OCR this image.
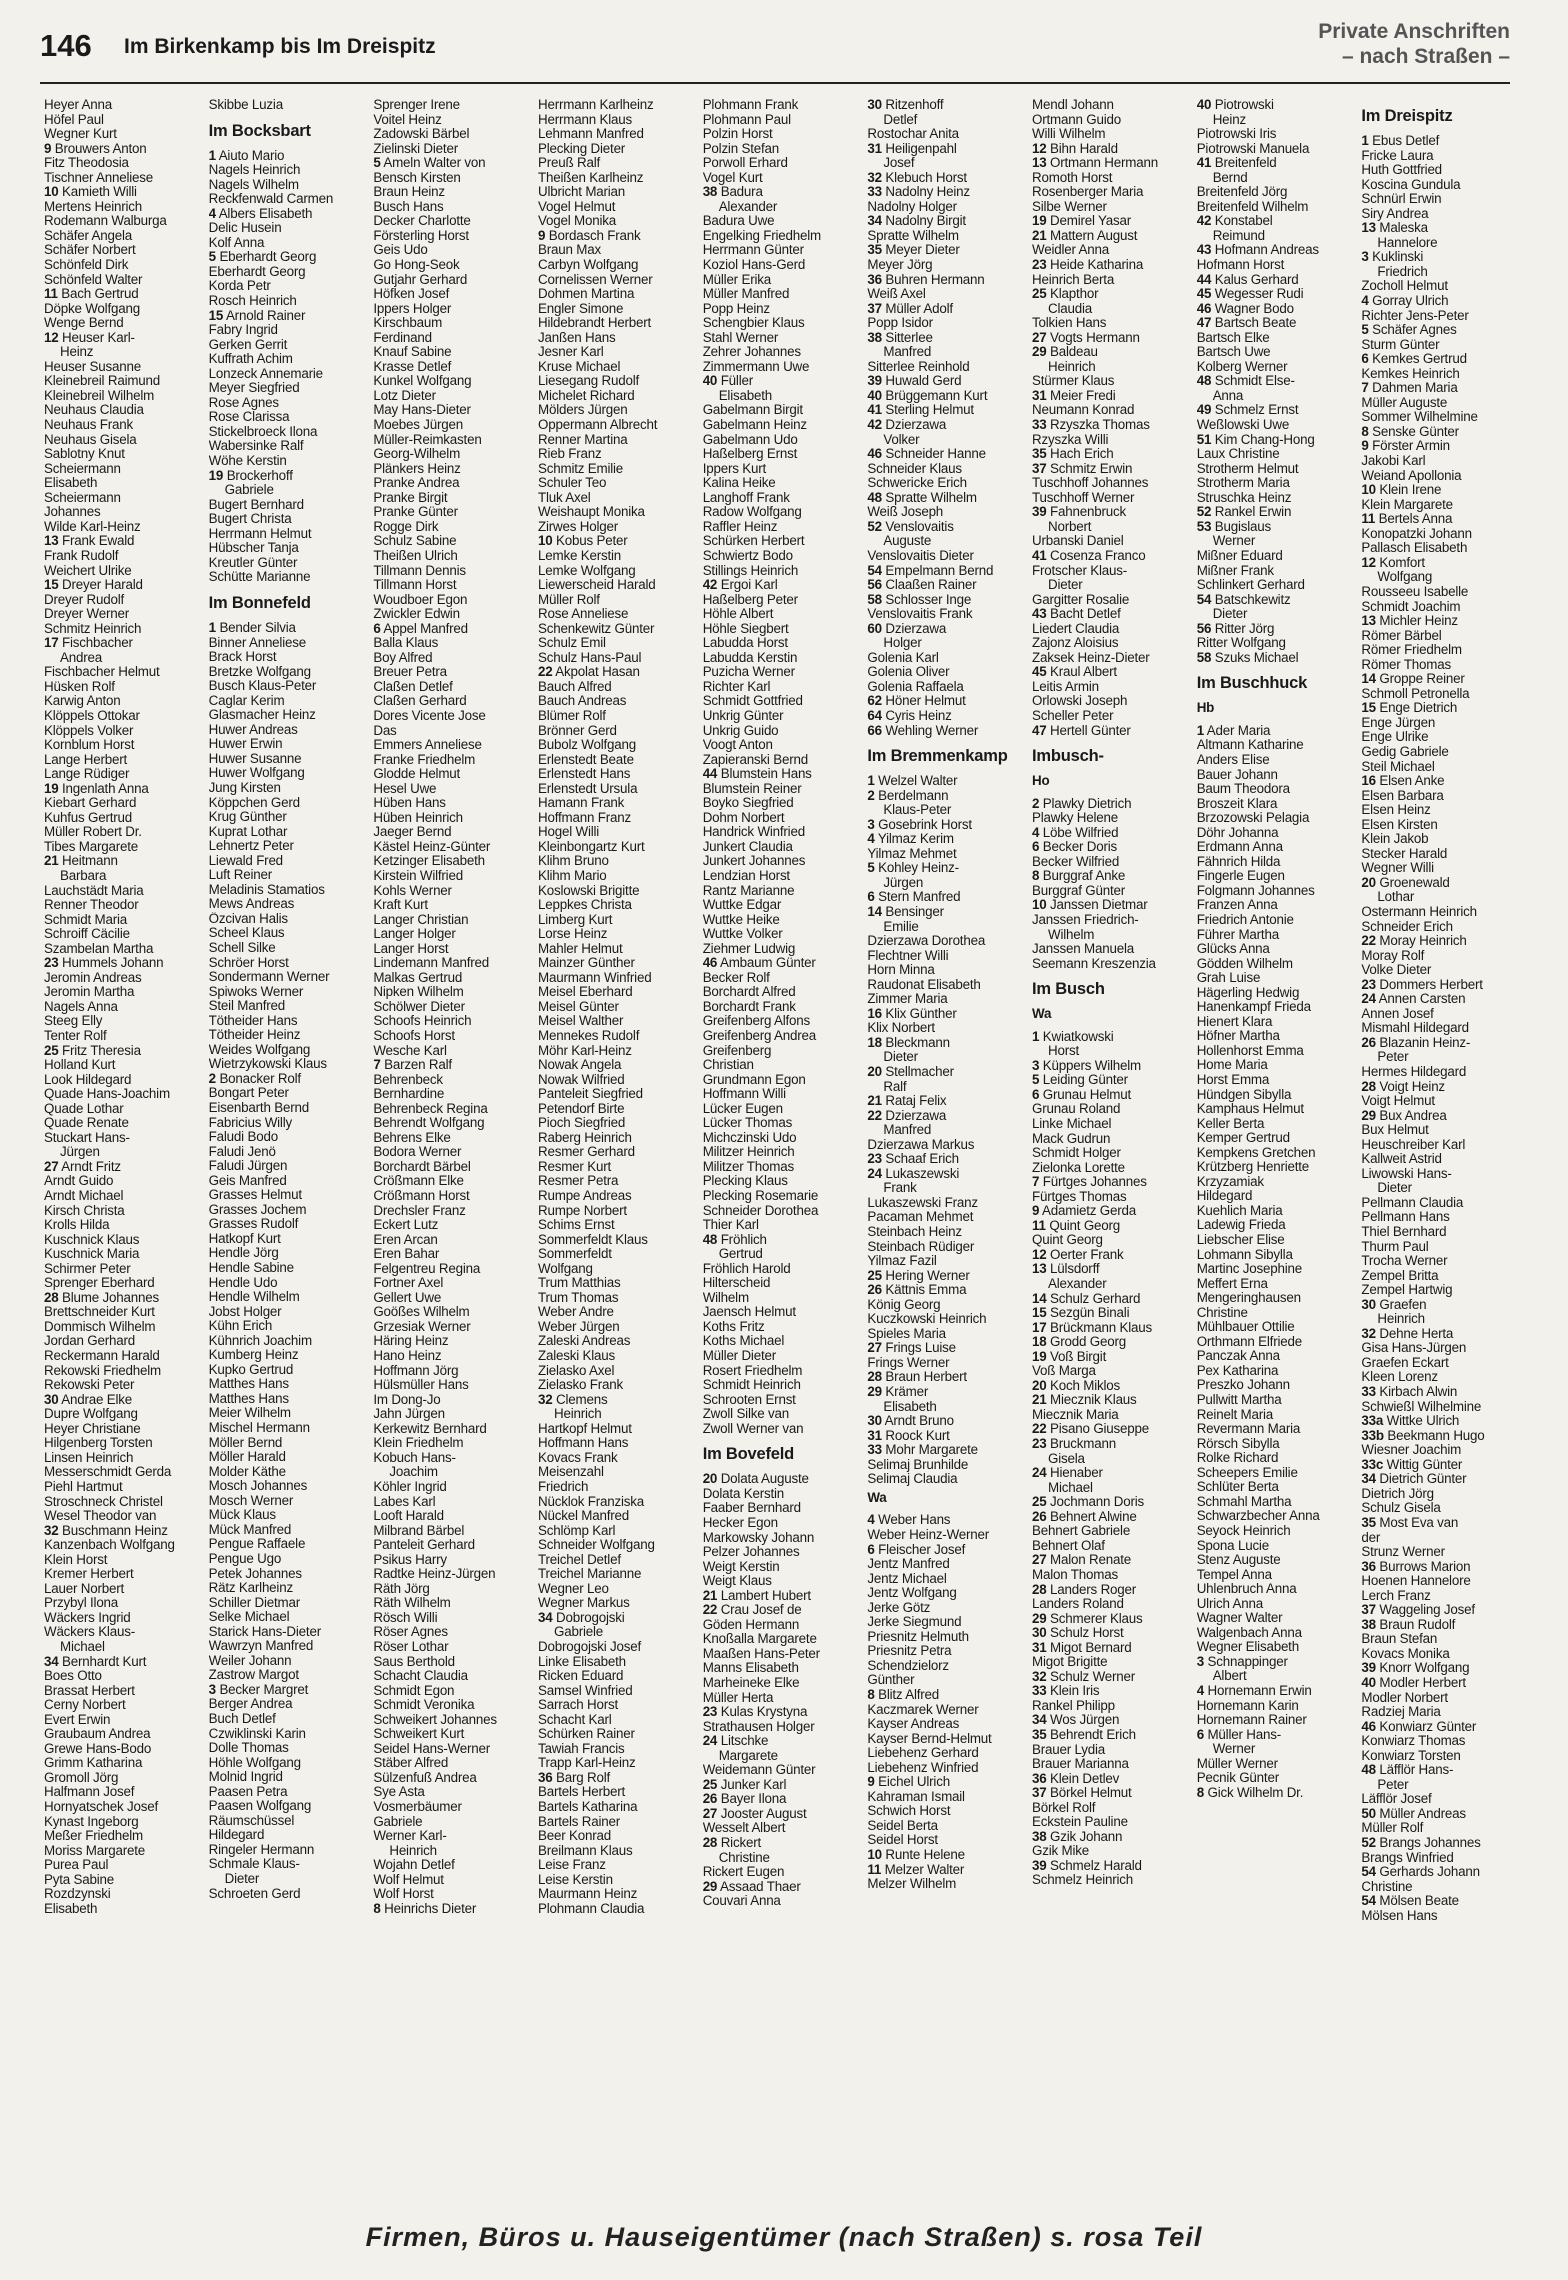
146 Im Birkenkamp bis Im Dreispitz
Private Anschriften
– nach Straßen –
Heyer Anna
Höfel Paul
Wegner Kurt
9 Brouwers Anton
Fitz Theodosia
Tischner Anneliese
10 Kamieth Willi
Mertens Heinrich
Rodemann Walburga
Schäfer Angela
Schäfer Norbert
Schönfeld Dirk
Schönfeld Walter
11 Bach Gertrud
Döpke Wolfgang
Wenge Bernd
12 Heuser Karl-
Heinz
Heuser Susanne
Kleinebreil Raimund
Kleinebreil Wilhelm
Neuhaus Claudia
Neuhaus Frank
Neuhaus Gisela
Sablotny Knut
Scheiermann
Elisabeth
Scheiermann
Johannes
Wilde Karl-Heinz
13 Frank Ewald
Frank Rudolf
Weichert Ulrike
15 Dreyer Harald
Dreyer Rudolf
Dreyer Werner
Schmitz Heinrich
17 Fischbacher
Andrea
Fischbacher Helmut
Hüsken Rolf
Karwig Anton
Klöppels Ottokar
Klöppels Volker
Kornblum Horst
Lange Herbert
Lange Rüdiger
19 Ingenlath Anna
Kiebart Gerhard
Kuhfus Gertrud
Müller Robert Dr.
Tibes Margarete
21 Heitmann
Barbara
Lauchstädt Maria
Renner Theodor
Schmidt Maria
Schroiff Cäcilie
Szambelan Martha
23 Hummels Johann
Jeromin Andreas
Jeromin Martha
Nagels Anna
Steeg Elly
Tenter Rolf
25 Fritz Theresia
Holland Kurt
Look Hildegard
Quade Hans-Joachim
Quade Lothar
Quade Renate
Stuckart Hans-
Jürgen
27 Arndt Fritz
Arndt Guido
Arndt Michael
Kirsch Christa
Krolls Hilda
Kuschnick Klaus
Kuschnick Maria
Schirmer Peter
Sprenger Eberhard
28 Blume Johannes
Brettschneider Kurt
Dommisch Wilhelm
Jordan Gerhard
Reckermann Harald
Rekowski Friedhelm
Rekowski Peter
30 Andrae Elke
Dupre Wolfgang
Heyer Christiane
Hilgenberg Torsten
Linsen Heinrich
Messerschmidt Gerda
Piehl Hartmut
Stroschneck Christel
Wesel Theodor van
32 Buschmann Heinz
Kanzenbach Wolfgang
Klein Horst
Kremer Herbert
Lauer Norbert
Przybyl Ilona
Wäckers Ingrid
Wäckers Klaus-
Michael
34 Bernhardt Kurt
Boes Otto
Brassat Herbert
Cerny Norbert
Evert Erwin
Graubaum Andrea
Grewe Hans-Bodo
Grimm Katharina
Gromoll Jörg
Halfmann Josef
Hornyatschek Josef
Kynast Ingeborg
Meßer Friedhelm
Moriss Margarete
Purea Paul
Pyta Sabine
Rozdzynski
Elisabeth
Skibbe Luzia
Im Bocksbart
1 Aiuto Mario
Nagels Heinrich
Nagels Wilhelm
Reckfenwald Carmen
4 Albers Elisabeth
Delic Husein
Kolf Anna
5 Eberhardt Georg
Eberhardt Georg
Korda Petr
Rosch Heinrich
15 Arnold Rainer
Fabry Ingrid
Gerken Gerrit
Kuffrath Achim
Lonzeck Annemarie
Meyer Siegfried
Rose Agnes
Rose Clarissa
Stickelbroeck Ilona
Wabersinke Ralf
Wöhe Kerstin
19 Brockerhoff
Gabriele
Bugert Bernhard
Bugert Christa
Herrmann Helmut
Hübscher Tanja
Kreutler Günter
Schütte Marianne
Im Bonnefeld
1 Bender Silvia
Binner Anneliese
Brack Horst
Bretzke Wolfgang
Busch Klaus-Peter
Caglar Kerim
Glasmacher Heinz
Huwer Andreas
Huwer Erwin
Huwer Susanne
Huwer Wolfgang
Jung Kirsten
Köppchen Gerd
Krug Günther
Kuprat Lothar
Lehnertz Peter
Liewald Fred
Luft Reiner
Meladinis Stamatios
Mews Andreas
Özcivan Halis
Scheel Klaus
Schell Silke
Schröer Horst
Sondermann Werner
Spiwoks Werner
Steil Manfred
Tötheider Hans
Tötheider Heinz
Weides Wolfgang
Wietrzykowski Klaus
2 Bonacker Rolf
Bongart Peter
Eisenbarth Bernd
Fabricius Willy
Faludi Bodo
Faludi Jenö
Faludi Jürgen
Geis Manfred
Grasses Helmut
Grasses Jochem
Grasses Rudolf
Hatkopf Kurt
Hendle Jörg
Hendle Sabine
Hendle Udo
Hendle Wilhelm
Jobst Holger
Kühn Erich
Kühnrich Joachim
Kumberg Heinz
Kupko Gertrud
Matthes Hans
Matthes Hans
Meier Wilhelm
Mischel Hermann
Möller Bernd
Möller Harald
Molder Käthe
Mosch Johannes
Mosch Werner
Mück Klaus
Mück Manfred
Pengue Raffaele
Pengue Ugo
Petek Johannes
Rätz Karlheinz
Schiller Dietmar
Selke Michael
Starick Hans-Dieter
Wawrzyn Manfred
Weiler Johann
Zastrow Margot
3 Becker Margret
Berger Andrea
Buch Detlef
Czwiklinski Karin
Dolle Thomas
Höhle Wolfgang
Molnid Ingrid
Paasen Petra
Paasen Wolfgang
Räumschüssel
Hildegard
Ringeler Hermann
Schmale Klaus-
Dieter
Schroeten Gerd
Sprenger Irene
Voitel Heinz
Zadowski Bärbel
Zielinski Dieter
5 Ameln Walter von
Bensch Kirsten
Braun Heinz
Busch Hans
Decker Charlotte
Försterling Horst
Geis Udo
Go Hong-Seok
Gutjahr Gerhard
Höfken Josef
Ippers Holger
Kirschbaum
Ferdinand
Knauf Sabine
Krasse Detlef
Kunkel Wolfgang
Lotz Dieter
May Hans-Dieter
Moebes Jürgen
Müller-Reimkasten
Georg-Wilhelm
Plänkers Heinz
Pranke Andrea
Pranke Birgit
Pranke Günter
Rogge Dirk
Schulz Sabine
Theißen Ulrich
Tillmann Dennis
Tillmann Horst
Woudboer Egon
Zwickler Edwin
6 Appel Manfred
Balla Klaus
Boy Alfred
Breuer Petra
Claßen Detlef
Claßen Gerhard
Dores Vicente Jose
Das
Emmers Anneliese
Franke Friedhelm
Glodde Helmut
Hesel Uwe
Hüben Hans
Hüben Heinrich
Jaeger Bernd
Kästel Heinz-Günter
Ketzinger Elisabeth
Kirstein Wilfried
Kohls Werner
Kraft Kurt
Langer Christian
Langer Holger
Langer Horst
Lindemann Manfred
Malkas Gertrud
Nipken Wilhelm
Schölwer Dieter
Schoofs Heinrich
Schoofs Horst
Wesche Karl
7 Barzen Ralf
Behrenbeck
Bernhardine
Behrenbeck Regina
Behrendt Wolfgang
Behrens Elke
Bodora Werner
Borchardt Bärbel
Crößmann Elke
Crößmann Horst
Drechsler Franz
Eckert Lutz
Eren Arcan
Eren Bahar
Felgentreu Regina
Fortner Axel
Gellert Uwe
Goößes Wilhelm
Grzesiak Werner
Häring Heinz
Hano Heinz
Hoffmann Jörg
Hülsmüller Hans
Im Dong-Jo
Jahn Jürgen
Kerkewitz Bernhard
Klein Friedhelm
Kobuch Hans-
Joachim
Köhler Ingrid
Labes Karl
Looft Harald
Milbrand Bärbel
Panteleit Gerhard
Psikus Harry
Radtke Heinz-Jürgen
Räth Jörg
Räth Wilhelm
Rösch Willi
Röser Agnes
Röser Lothar
Saus Berthold
Schacht Claudia
Schmidt Egon
Schmidt Veronika
Schweikert Johannes
Schweikert Kurt
Seidel Hans-Werner
Stäber Alfred
Sülzenfuß Andrea
Sye Asta
Vosmerbäumer
Gabriele
Werner Karl-
Heinrich
Wojahn Detlef
Wolf Helmut
Wolf Horst
8 Heinrichs Dieter
Herrmann Karlheinz
Herrmann Klaus
Lehmann Manfred
Plecking Dieter
Preuß Ralf
Theißen Karlheinz
Ulbricht Marian
Vogel Helmut
Vogel Monika
9 Bordasch Frank
Braun Max
Carbyn Wolfgang
Cornelissen Werner
Dohmen Martina
Engler Simone
Hildebrandt Herbert
Janßen Hans
Jesner Karl
Kruse Michael
Liesegang Rudolf
Michelet Richard
Mölders Jürgen
Oppermann Albrecht
Renner Martina
Rieb Franz
Schmitz Emilie
Schuler Teo
Tluk Axel
Weishaupt Monika
Zirwes Holger
10 Kobus Peter
Lemke Kerstin
Lemke Wolfgang
Liewerscheid Harald
Müller Rolf
Rose Anneliese
Schenkewitz Günter
Schulz Emil
Schulz Hans-Paul
22 Akpolat Hasan
Bauch Alfred
Bauch Andreas
Blümer Rolf
Brönner Gerd
Bubolz Wolfgang
Erlenstedt Beate
Erlenstedt Hans
Erlenstedt Ursula
Hamann Frank
Hoffmann Franz
Hogel Willi
Kleinbongartz Kurt
Klihm Bruno
Klihm Mario
Koslowski Brigitte
Leppkes Christa
Limberg Kurt
Lorse Heinz
Mahler Helmut
Mainzer Günther
Maurmann Winfried
Meisel Eberhard
Meisel Günter
Meisel Walther
Mennekes Rudolf
Möhr Karl-Heinz
Nowak Angela
Nowak Wilfried
Panteleit Siegfried
Petendorf Birte
Pioch Siegfried
Raberg Heinrich
Resmer Gerhard
Resmer Kurt
Resmer Petra
Rumpe Andreas
Rumpe Norbert
Schims Ernst
Sommerfeldt Klaus
Sommerfeldt
Wolfgang
Trum Matthias
Trum Thomas
Weber Andre
Weber Jürgen
Zaleski Andreas
Zaleski Klaus
Zielasko Axel
Zielasko Frank
32 Clemens
Heinrich
Hartkopf Helmut
Hoffmann Hans
Kovacs Frank
Meisenzahl
Friedrich
Nücklok Franziska
Nückel Manfred
Schlömp Karl
Schneider Wolfgang
Treichel Detlef
Treichel Marianne
Wegner Leo
Wegner Markus
34 Dobrogojski
Gabriele
Dobrogojski Josef
Linke Elisabeth
Ricken Eduard
Samsel Winfried
Sarrach Horst
Schacht Karl
Schürken Rainer
Tawiah Francis
Trapp Karl-Heinz
36 Barg Rolf
Bartels Herbert
Bartels Katharina
Bartels Rainer
Beer Konrad
Breilmann Klaus
Leise Franz
Leise Kerstin
Maurmann Heinz
Plohmann Claudia
Plohmann Frank
Plohmann Paul
Polzin Horst
Polzin Stefan
Porwoll Erhard
Vogel Kurt
38 Badura
Alexander
Badura Uwe
Engelking Friedhelm
Herrmann Günter
Koziol Hans-Gerd
Müller Erika
Müller Manfred
Popp Heinz
Schengbier Klaus
Stahl Werner
Zehrer Johannes
Zimmermann Uwe
40 Füller
Elisabeth
Gabelmann Birgit
Gabelmann Heinz
Gabelmann Udo
Haßelberg Ernst
Ippers Kurt
Kalina Heike
Langhoff Frank
Radow Wolfgang
Raffler Heinz
Schürken Herbert
Schwiertz Bodo
Stillings Heinrich
42 Ergoi Karl
Haßelberg Peter
Höhle Albert
Höhle Siegbert
Labudda Horst
Labudda Kerstin
Puzicha Werner
Richter Karl
Schmidt Gottfried
Unkrig Günter
Unkrig Guido
Voogt Anton
Zapieranski Bernd
44 Blumstein Hans
Blumstein Reiner
Boyko Siegfried
Dohm Norbert
Handrick Winfried
Junkert Claudia
Junkert Johannes
Lendzian Horst
Rantz Marianne
Wuttke Edgar
Wuttke Heike
Wuttke Volker
Ziehmer Ludwig
46 Ambaum Günter
Becker Rolf
Borchardt Alfred
Borchardt Frank
Greifenberg Alfons
Greifenberg Andrea
Greifenberg
Christian
Grundmann Egon
Hoffmann Willi
Lücker Eugen
Lücker Thomas
Michczinski Udo
Militzer Heinrich
Militzer Thomas
Plecking Klaus
Plecking Rosemarie
Schneider Dorothea
Thier Karl
48 Fröhlich
Gertrud
Fröhlich Harold
Hilterscheid
Wilhelm
Jaensch Helmut
Koths Fritz
Koths Michael
Müller Dieter
Rosert Friedhelm
Schmidt Heinrich
Schrooten Ernst
Zwoll Silke van
Zwoll Werner van
Im Bovefeld
20 Dolata Auguste
Dolata Kerstin
Faaber Bernhard
Hecker Egon
Markowsky Johann
Pelzer Johannes
Weigt Kerstin
Weigt Klaus
21 Lambert Hubert
22 Crau Josef de
Göden Hermann
Knoßalla Margarete
Maaßen Hans-Peter
Manns Elisabeth
Marheineke Elke
Müller Herta
23 Kulas Krystyna
Strathausen Holger
24 Litschke
Margarete
Weidemann Günter
25 Junker Karl
26 Bayer Ilona
27 Jooster August
Wesselt Albert
28 Rickert
Christine
Rickert Eugen
29 Assaad Thaer
Couvari Anna
30 Ritzenhoff
Detlef
Rostochar Anita
31 Heiligenpahl
Josef
32 Klebuch Horst
33 Nadolny Heinz
Nadolny Holger
34 Nadolny Birgit
Spratte Wilhelm
35 Meyer Dieter
Meyer Jörg
36 Buhren Hermann
Weiß Axel
37 Müller Adolf
Popp Isidor
38 Sitterlee
Manfred
Sitterlee Reinhold
39 Huwald Gerd
40 Brüggemann Kurt
41 Sterling Helmut
42 Dzierzawa
Volker
46 Schneider Hanne
Schneider Klaus
Schwericke Erich
48 Spratte Wilhelm
Weiß Joseph
52 Venslovaitis
Auguste
Venslovaitis Dieter
54 Empelmann Bernd
56 Claaßen Rainer
58 Schlosser Inge
Venslovaitis Frank
60 Dzierzawa
Holger
Golenia Karl
Golenia Oliver
Golenia Raffaela
62 Höner Helmut
64 Cyris Heinz
66 Wehling Werner
Im Bremmenkamp
1 Welzel Walter
2 Berdelmann
Klaus-Peter
3 Gosebrink Horst
4 Yilmaz Kerim
Yilmaz Mehmet
5 Kohley Heinz-
Jürgen
6 Stern Manfred
14 Bensinger
Emilie
Dzierzawa Dorothea
Flechtner Willi
Horn Minna
Raudonat Elisabeth
Zimmer Maria
16 Klix Günther
Klix Norbert
18 Bleckmann
Dieter
20 Stellmacher
Ralf
21 Rataj Felix
22 Dzierzawa
Manfred
Dzierzawa Markus
23 Schaaf Erich
24 Lukaszewski
Frank
Lukaszewski Franz
Pacaman Mehmet
Steinbach Heinz
Steinbach Rüdiger
Yilmaz Fazil
25 Hering Werner
26 Kättnis Emma
König Georg
Kuczkowski Heinrich
Spieles Maria
27 Frings Luise
Frings Werner
28 Braun Herbert
29 Krämer
Elisabeth
30 Arndt Bruno
31 Roock Kurt
33 Mohr Margarete
Selimaj Brunhilde
Selimaj Claudia
Wa
4 Weber Hans
Weber Heinz-Werner
6 Fleischer Josef
Jentz Manfred
Jentz Michael
Jentz Wolfgang
Jerke Götz
Jerke Siegmund
Priesnitz Helmuth
Priesnitz Petra
Schendzielorz
Günther
8 Blitz Alfred
Kaczmarek Werner
Kayser Andreas
Kayser Bernd-Helmut
Liebehenz Gerhard
Liebehenz Winfried
9 Eichel Ulrich
Kahraman Ismail
Schwich Horst
Seidel Berta
Seidel Horst
10 Runte Helene
11 Melzer Walter
Melzer Wilhelm
Mendl Johann
Ortmann Guido
Willi Wilhelm
12 Bihn Harald
13 Ortmann Hermann
Romoth Horst
Rosenberger Maria
Silbe Werner
19 Demirel Yasar
21 Mattern August
Weidler Anna
23 Heide Katharina
Heinrich Berta
25 Klapthor
Claudia
Tolkien Hans
27 Vogts Hermann
29 Baldeau
Heinrich
Stürmer Klaus
31 Meier Fredi
Neumann Konrad
33 Rzyszka Thomas
Rzyszka Willi
35 Hach Erich
37 Schmitz Erwin
Tuschhoff Johannes
Tuschhoff Werner
39 Fahnenbruck
Norbert
Urbanski Daniel
41 Cosenza Franco
Frotscher Klaus-
Dieter
Gargitter Rosalie
43 Bacht Detlef
Liedert Claudia
Zajonz Aloisius
Zaksek Heinz-Dieter
45 Kraul Albert
Leitis Armin
Orlowski Joseph
Scheller Peter
47 Hertell Günter
Imbusch-
Ho
2 Plawky Dietrich
Plawky Helene
4 Löbe Wilfried
6 Becker Doris
Becker Wilfried
8 Burggraf Anke
Burggraf Günter
10 Janssen Dietmar
Janssen Friedrich-
Wilhelm
Janssen Manuela
Seemann Kreszenzia
Im Busch
Wa
1 Kwiatkowski
Horst
3 Küppers Wilhelm
5 Leiding Günter
6 Grunau Helmut
Grunau Roland
Linke Michael
Mack Gudrun
Schmidt Holger
Zielonka Lorette
7 Fürtges Johannes
Fürtges Thomas
9 Adamietz Gerda
11 Quint Georg
Quint Georg
12 Oerter Frank
13 Lülsdorff
Alexander
14 Schulz Gerhard
15 Sezgün Binali
17 Brückmann Klaus
18 Grodd Georg
19 Voß Birgit
Voß Marga
20 Koch Miklos
21 Miecznik Klaus
Miecznik Maria
22 Pisano Giuseppe
23 Bruckmann
Gisela
24 Hienaber
Michael
25 Jochmann Doris
26 Behnert Alwine
Behnert Gabriele
Behnert Olaf
27 Malon Renate
Malon Thomas
28 Landers Roger
Landers Roland
29 Schmerer Klaus
30 Schulz Horst
31 Migot Bernard
Migot Brigitte
32 Schulz Werner
33 Klein Iris
Rankel Philipp
34 Wos Jürgen
35 Behrendt Erich
Brauer Lydia
Brauer Marianna
36 Klein Detlev
37 Börkel Helmut
Börkel Rolf
Eckstein Pauline
38 Gzik Johann
Gzik Mike
39 Schmelz Harald
Schmelz Heinrich
40 Piotrowski
Heinz
Piotrowski Iris
Piotrowski Manuela
41 Breitenfeld
Bernd
Breitenfeld Jörg
Breitenfeld Wilhelm
42 Konstabel
Reimund
43 Hofmann Andreas
Hofmann Horst
44 Kalus Gerhard
45 Wegesser Rudi
46 Wagner Bodo
47 Bartsch Beate
Bartsch Elke
Bartsch Uwe
Kolberg Werner
48 Schmidt Else-
Anna
49 Schmelz Ernst
Weßlowski Uwe
51 Kim Chang-Hong
Laux Christine
Strotherm Helmut
Strotherm Maria
Struschka Heinz
52 Rankel Erwin
53 Bugislaus
Werner
Mißner Eduard
Mißner Frank
Schlinkert Gerhard
54 Batschkewitz
Dieter
56 Ritter Jörg
Ritter Wolfgang
58 Szuks Michael
Im Buschhuck
Hb
1 Ader Maria
Altmann Katharine
Anders Elise
Bauer Johann
Baum Theodora
Broszeit Klara
Brzozowski Pelagia
Döhr Johanna
Erdmann Anna
Fähnrich Hilda
Fingerle Eugen
Folgmann Johannes
Franzen Anna
Friedrich Antonie
Führer Martha
Glücks Anna
Gödden Wilhelm
Grah Luise
Hägerling Hedwig
Hanenkampf Frieda
Hienert Klara
Höfner Martha
Hollenhorst Emma
Home Maria
Horst Emma
Hündgen Sibylla
Kamphaus Helmut
Keller Berta
Kemper Gertrud
Kempkens Gretchen
Krützberg Henriette
Krzyzamiak
Hildegard
Kuehlich Maria
Ladewig Frieda
Liebscher Elise
Lohmann Sibylla
Martinc Josephine
Meffert Erna
Mengeringhausen
Christine
Mühlbauer Ottilie
Orthmann Elfriede
Panczak Anna
Pex Katharina
Preszko Johann
Pullwitt Martha
Reinelt Maria
Revermann Maria
Rörsch Sibylla
Rolke Richard
Scheepers Emilie
Schlüter Berta
Schmahl Martha
Schwarzbecher Anna
Seyock Heinrich
Spona Lucie
Stenz Auguste
Tempel Anna
Uhlenbruch Anna
Ulrich Anna
Wagner Walter
Walgenbach Anna
Wegner Elisabeth
3 Schnappinger
Albert
4 Hornemann Erwin
Hornemann Karin
Hornemann Rainer
6 Müller Hans-
Werner
Müller Werner
Pecnik Günter
8 Gick Wilhelm Dr.
Im Dreispitz
1 Ebus Detlef
Fricke Laura
Huth Gottfried
Koscina Gundula
Schnürl Erwin
Siry Andrea
13 Maleska
Hannelore
3 Kuklinski
Friedrich
Zocholl Helmut
4 Gorray Ulrich
Richter Jens-Peter
5 Schäfer Agnes
Sturm Günter
6 Kemkes Gertrud
Kemkes Heinrich
7 Dahmen Maria
Müller Auguste
Sommer Wilhelmine
8 Senske Günter
9 Förster Armin
Jakobi Karl
Weiand Apollonia
10 Klein Irene
Klein Margarete
11 Bertels Anna
Konopatzki Johann
Pallasch Elisabeth
12 Komfort
Wolfgang
Rousseeu Isabelle
Schmidt Joachim
13 Michler Heinz
Römer Bärbel
Römer Friedhelm
Römer Thomas
14 Groppe Reiner
Schmoll Petronella
15 Enge Dietrich
Enge Jürgen
Enge Ulrike
Gedig Gabriele
Steil Michael
16 Elsen Anke
Elsen Barbara
Elsen Heinz
Elsen Kirsten
Klein Jakob
Stecker Harald
Wegner Willi
20 Groenewald
Lothar
Ostermann Heinrich
Schneider Erich
22 Moray Heinrich
Moray Rolf
Volke Dieter
23 Dommers Herbert
24 Annen Carsten
Annen Josef
Mismahl Hildegard
26 Blazanin Heinz-
Peter
Hermes Hildegard
28 Voigt Heinz
Voigt Helmut
29 Bux Andrea
Bux Helmut
Heuschreiber Karl
Kallweit Astrid
Liwowski Hans-
Dieter
Pellmann Claudia
Pellmann Hans
Thiel Bernhard
Thurm Paul
Trocha Werner
Zempel Britta
Zempel Hartwig
30 Graefen
Heinrich
32 Dehne Herta
Gisa Hans-Jürgen
Graefen Eckart
Kleen Lorenz
33 Kirbach Alwin
Schwießl Wilhelmine
33a Wittke Ulrich
33b Beekmann Hugo
Wiesner Joachim
33c Wittig Günter
34 Dietrich Günter
Dietrich Jörg
Schulz Gisela
35 Most Eva van
der
Strunz Werner
36 Burrows Marion
Hoenen Hannelore
Lerch Franz
37 Waggeling Josef
38 Braun Rudolf
Braun Stefan
Kovacs Monika
39 Knorr Wolfgang
40 Modler Herbert
Modler Norbert
Radziej Maria
46 Konwiarz Günter
Konwiarz Thomas
Konwiarz Torsten
48 Läfflör Hans-
Peter
Läfflör Josef
50 Müller Andreas
Müller Rolf
52 Brangs Johannes
Brangs Winfried
54 Gerhards Johann
Christine
54 Mölsen Beate
Mölsen Hans
Firmen, Büros u. Hauseigentümer (nach Straßen) s. rosa Teil
